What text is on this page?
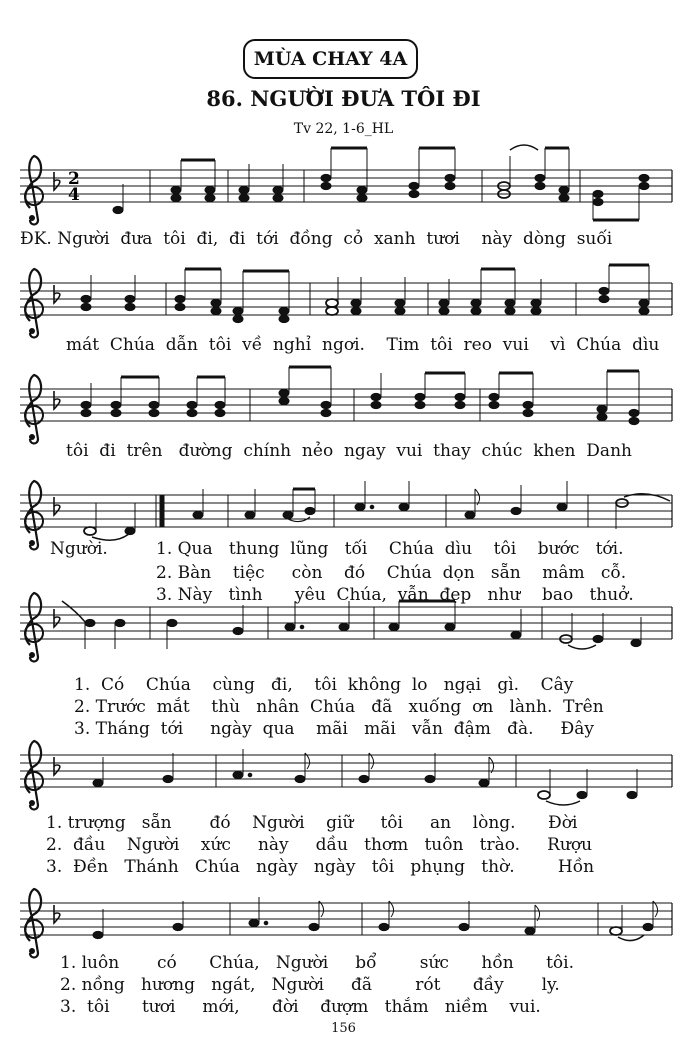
MÙA CHAY 4A
86. NGƯỜI ĐƯA TÔI ĐI
Tv 22, 1-6_HL
2
4
ĐK. Người  đưa  tôi  đi,  đi  tới  đồng  cỏ  xanh  tươi    này  dòng  suối
mát  Chúa  dẫn  tôi  về  nghỉ  ngơi.    Tim  tôi  reo  vui    vì  Chúa  dìu
tôi  đi  trên   đường  chính  nẻo  ngay  vui  thay  chúc  khen  Danh
Người.	1. Qua   thung  lũng   tối    Chúa  dìu    tôi    bước   tới.
2. Bàn    tiệc     còn    đó    Chúa  dọn   sẵn    mâm   cỗ.
3. Này   tình      yêu  Chúa,  vẫn  đẹp   như    bao   thuở.
1.  Có    Chúa    cùng   đi,    tôi  không  lo   ngại   gì.    Cây
2. Trước  mắt    thù   nhân  Chúa   đã   xuống  ơn   lành.  Trên
3. Tháng  tới     ngày  qua    mãi   mãi   vẫn  đậm   đà.     Đây
1. trượng   sẵn       đó    Người    giữ     tôi     an    lòng.      Đời
2.  đầu    Người    xức     này     dầu   thơm   tuôn   trào.     Rượu
3.  Đền   Thánh   Chúa   ngày   ngày   tôi   phụng   thờ.        Hồn
1. luôn       có      Chúa,   Người     bổ        sức      hồn      tôi.
2. nồng   hương   ngát,   Người     đã        rót      đầy       ly.
3.  tôi      tươi     mới,      đời    đượm   thắm   niềm    vui.
156
